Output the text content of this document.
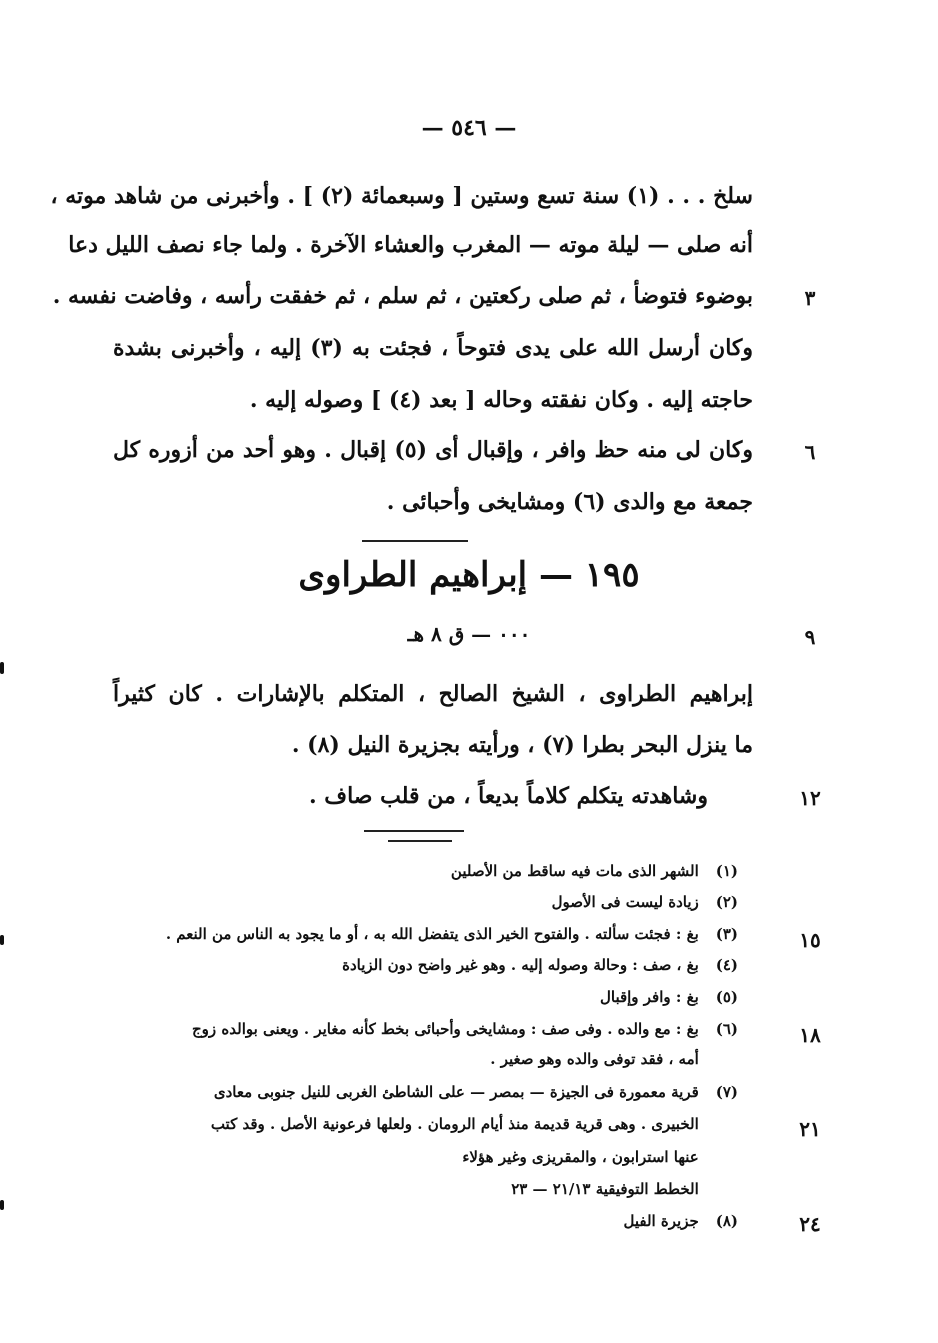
— ٥٤٦ —
سلخ . . . (١) سنة تسع وستين [ وسبعمائة (٢) ] . وأخبرنى من شاهد موته ،
أنه صلى — ليلة موته — المغرب والعشاء الآخرة . ولما جاء نصف الليل دعا
بوضوء فتوضأ ، ثم صلى ركعتين ، ثم سلم ، ثم خفقت رأسه ، وفاضت نفسه .	٣
وكان أرسل الله على يدى فتوحاً ، فجئت به (٣) إليه ، وأخبرنى بشدة
حاجته إليه . وكان نفقته وحاله [ بعد (٤) ] وصوله إليه .
وكان لى منه حظ وافر ، وإقبال أى (٥) إقبال . وهو أحد من أزوره كل	٦
جمعة مع والدى (٦) ومشايخى وأحبائى .
١٩٥ — إبراهيم الطراوى
٠٠٠ — ق ٨ هـ	٩
إبراهيم الطراوى ، الشيخ الصالح ، المتكلم بالإشارات . كان كثيراً
ما ينزل البحر بطرا (٧) ، ورأيته بجزيرة النيل (٨) .
وشاهدته يتكلم كلاماً بديعاً ، من قلب صاف .	١٢
(١) الشهر الذى مات فيه ساقط من الأصلين
(٢) زيادة ليست فى الأصول
(٣) بغ : فجئت سألته . والفتوح الخير الذى يتفضل الله به ، أو ما يجود به الناس من النعم .	١٥
(٤) بغ ، صف : وحالة وصوله إليه . وهو غير واضح دون الزيادة
(٥) بغ : وافر وإقبال
(٦) بغ : مع والده . وفى صف : ومشايخى وأحبائى بخط كأنه مغاير . ويعنى بوالده زوج	١٨
أمه ، فقد توفى والده وهو صغير .
(٧) قرية معمورة فى الجيزة — بمصر — على الشاطئ الغربى للنيل جنوبى معادى
الخبيرى . وهى قرية قديمة منذ أيام الرومان . ولعلها فرعونية الأصل . وقد كتب	٢١
عنها استرابون ، والمقريزى وغير هؤلاء
الخطط التوفيقية ٢١/١٣ — ٢٣
(٨) جزيرة الفيل	٢٤
